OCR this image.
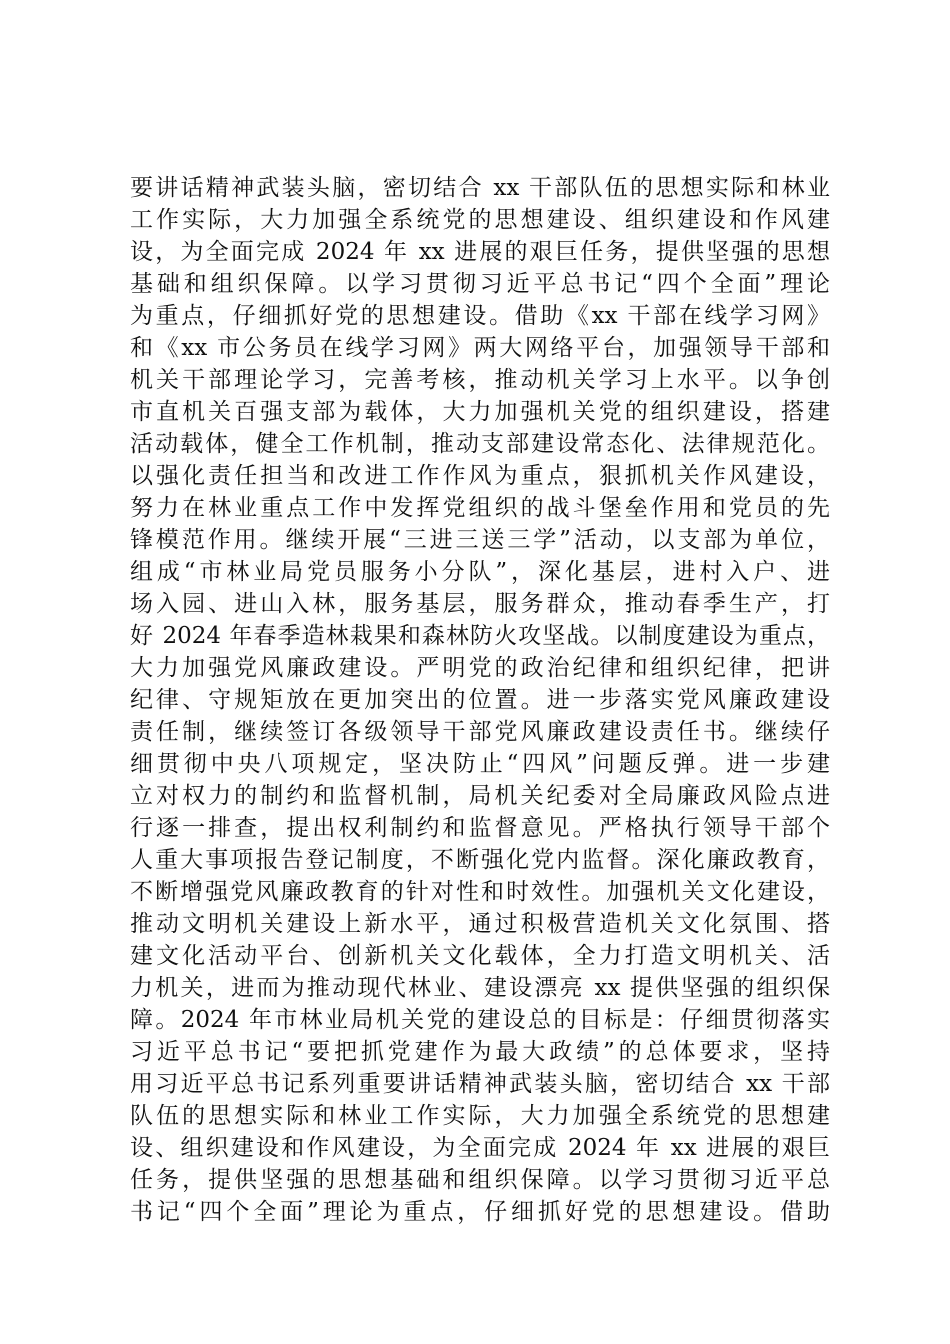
要讲话精神武装头脑，密切结合 xx 干部队伍的思想实际和林业
工作实际，大力加强全系统党的思想建设、组织建设和作风建
设，为全面完成 2024 年 xx 进展的艰巨任务，提供坚强的思想
基础和组织保障。以学习贯彻习近平总书记“四个全面”理论
为重点，仔细抓好党的思想建设。借助《xx 干部在线学习网》
和《xx 市公务员在线学习网》两大网络平台，加强领导干部和
机关干部理论学习，完善考核，推动机关学习上水平。以争创
市直机关百强支部为载体，大力加强机关党的组织建设，搭建
活动载体，健全工作机制，推动支部建设常态化、法律规范化。
以强化责任担当和改进工作作风为重点，狠抓机关作风建设，
努力在林业重点工作中发挥党组织的战斗堡垒作用和党员的先
锋模范作用。继续开展“三进三送三学”活动，以支部为单位，
组成“市林业局党员服务小分队”，深化基层，进村入户、进
场入园、进山入林，服务基层，服务群众，推动春季生产，打
好 2024 年春季造林栽果和森林防火攻坚战。以制度建设为重点，
大力加强党风廉政建设。严明党的政治纪律和组织纪律，把讲
纪律、守规矩放在更加突出的位置。进一步落实党风廉政建设
责任制，继续签订各级领导干部党风廉政建设责任书。继续仔
细贯彻中央八项规定，坚决防止“四风”问题反弹。进一步建
立对权力的制约和监督机制，局机关纪委对全局廉政风险点进
行逐一排查，提出权利制约和监督意见。严格执行领导干部个
人重大事项报告登记制度，不断强化党内监督。深化廉政教育，
不断增强党风廉政教育的针对性和时效性。加强机关文化建设，
推动文明机关建设上新水平，通过积极营造机关文化氛围、搭
建文化活动平台、创新机关文化载体，全力打造文明机关、活
力机关，进而为推动现代林业、建设漂亮 xx 提供坚强的组织保
障。2024 年市林业局机关党的建设总的目标是：仔细贯彻落实
习近平总书记“要把抓党建作为最大政绩”的总体要求，坚持
用习近平总书记系列重要讲话精神武装头脑，密切结合 xx 干部
队伍的思想实际和林业工作实际，大力加强全系统党的思想建
设、组织建设和作风建设，为全面完成 2024 年 xx 进展的艰巨
任务，提供坚强的思想基础和组织保障。以学习贯彻习近平总
书记“四个全面”理论为重点，仔细抓好党的思想建设。借助
